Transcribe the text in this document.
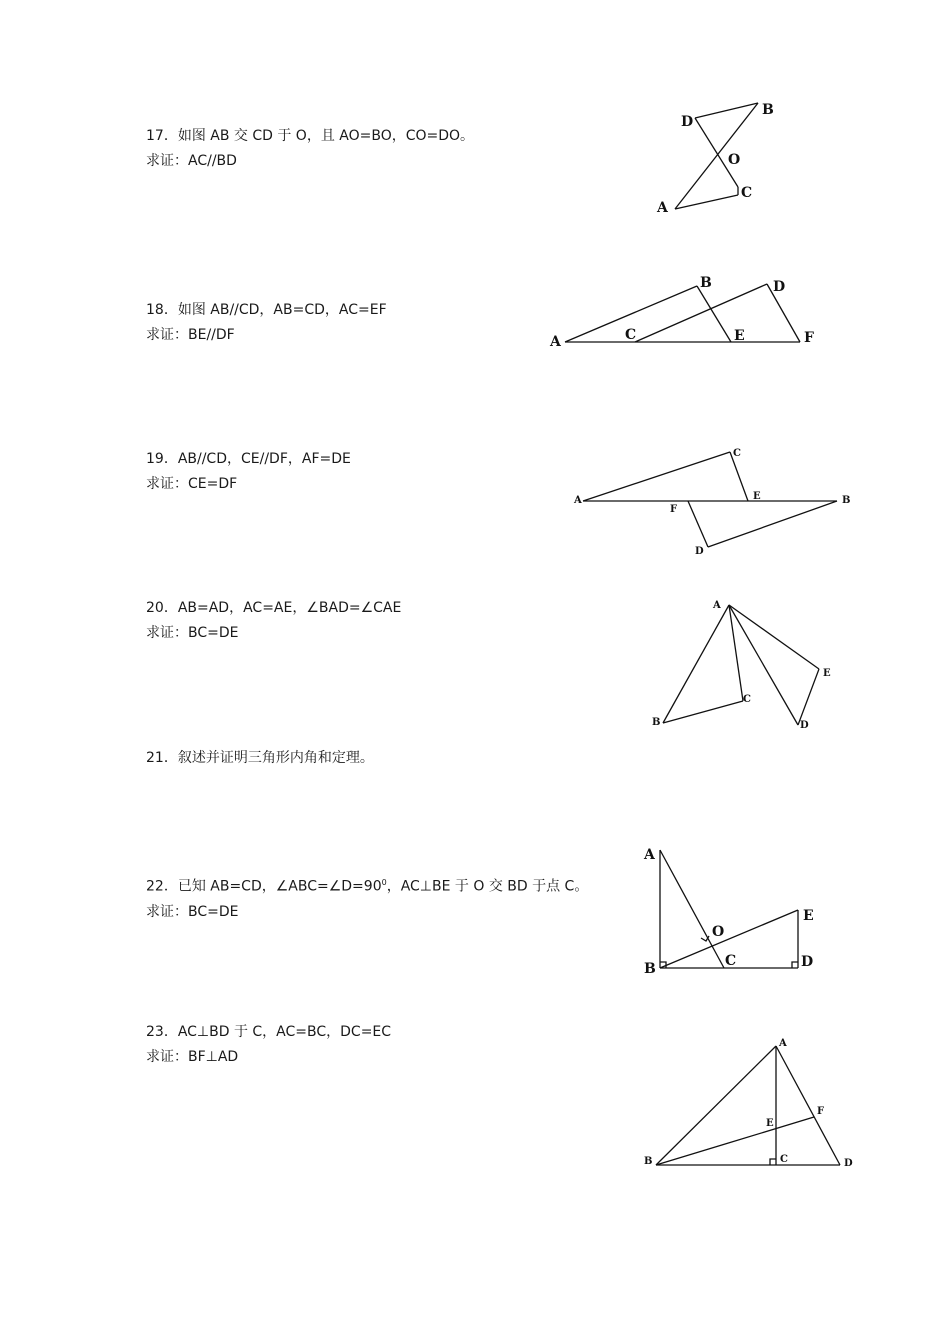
17．如图 AB 交 CD 于 O，且 AO=BO，CO=DO。
求证：AC//BD
D
B
O
C
A
18．如图 AB//CD，AB=CD，AC=EF
求证：BE//DF	A
B
C
D
E	F
19．AB//CD，CE//DF，AF=DE
求证：CE=DF
A
C
E	B
F
D
20．AB=AD，AC=AE，∠BAD=∠CAE
求证：BC=DE
A
B
C
D
E
21．叙述并证明三角形内角和定理。
22．已知 AB=CD，$\angle ABC=\angle D=90^0$，AC⊥BE 于 O 交 BD 于点 C。
求证：BC=DE
A
B	C	D
E
O
23．AC⊥BD 于 C，AC=BC，DC=EC
求证：BF⊥AD
A
B	C	D
E
F
